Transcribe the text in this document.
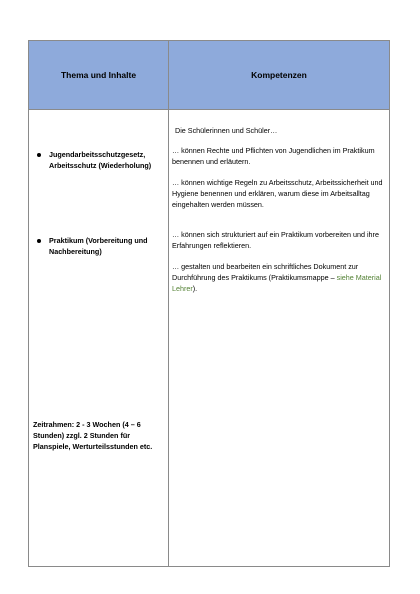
Thema und Inhalte	Kompetenzen
Jugendarbeitsschutzgesetz, Arbeitsschutz (Wiederholung)
Praktikum (Vorbereitung und Nachbereitung)
Zeitrahmen: 2 - 3 Wochen (4 – 6 Stunden) zzgl. 2 Stunden für Planspiele, Werturteilsstunden etc.
Die Schülerinnen und Schüler…
… können Rechte und Pflichten von Jugendlichen im Praktikum benennen und erläutern.
… können wichtige Regeln zu Arbeitsschutz, Arbeitssicherheit und Hygiene benennen und erklären, warum diese im Arbeitsalltag eingehalten werden müssen.
… können sich strukturiert auf ein Praktikum vorbereiten und ihre Erfahrungen reflektieren.
… gestalten und bearbeiten ein schriftliches Dokument zur Durchführung des Praktikums (Praktikumsmappe – siehe Material Lehrer).
